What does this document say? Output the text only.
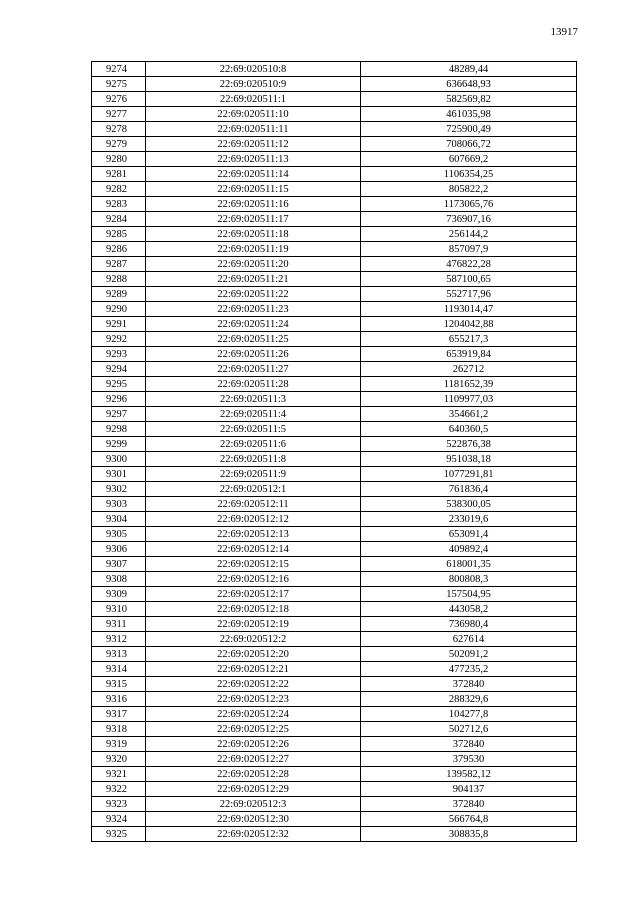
13917
9274	22:69:020510:8	48289,44
9275	22:69:020510:9	636648,93
9276	22:69:020511:1	582569,82
9277	22:69:020511:10	461035,98
9278	22:69:020511:11	725900,49
9279	22:69:020511:12	708066,72
9280	22:69:020511:13	607669,2
9281	22:69:020511:14	1106354,25
9282	22:69:020511:15	805822,2
9283	22:69:020511:16	1173065,76
9284	22:69:020511:17	736907,16
9285	22:69:020511:18	256144,2
9286	22:69:020511:19	857097,9
9287	22:69:020511:20	476822,28
9288	22:69:020511:21	587100,65
9289	22:69:020511:22	552717,96
9290	22:69:020511:23	1193014,47
9291	22:69:020511:24	1204042,88
9292	22:69:020511:25	655217,3
9293	22:69:020511:26	653919,84
9294	22:69:020511:27	262712
9295	22:69:020511:28	1181652,39
9296	22:69:020511:3	1109977,03
9297	22:69:020511:4	354661,2
9298	22:69:020511:5	640360,5
9299	22:69:020511:6	522876,38
9300	22:69:020511:8	951038,18
9301	22:69:020511:9	1077291,81
9302	22:69:020512:1	761836,4
9303	22:69:020512:11	538300,05
9304	22:69:020512:12	233019,6
9305	22:69:020512:13	653091,4
9306	22:69:020512:14	409892,4
9307	22:69:020512:15	618001,35
9308	22:69:020512:16	800808,3
9309	22:69:020512:17	157504,95
9310	22:69:020512:18	443058,2
9311	22:69:020512:19	736980,4
9312	22:69:020512:2	627614
9313	22:69:020512:20	502091,2
9314	22:69:020512:21	477235,2
9315	22:69:020512:22	372840
9316	22:69:020512:23	288329,6
9317	22:69:020512:24	104277,8
9318	22:69:020512:25	502712,6
9319	22:69:020512:26	372840
9320	22:69:020512:27	379530
9321	22:69:020512:28	139582,12
9322	22:69:020512:29	904137
9323	22:69:020512:3	372840
9324	22:69:020512:30	566764,8
9325	22:69:020512:32	308835,8
